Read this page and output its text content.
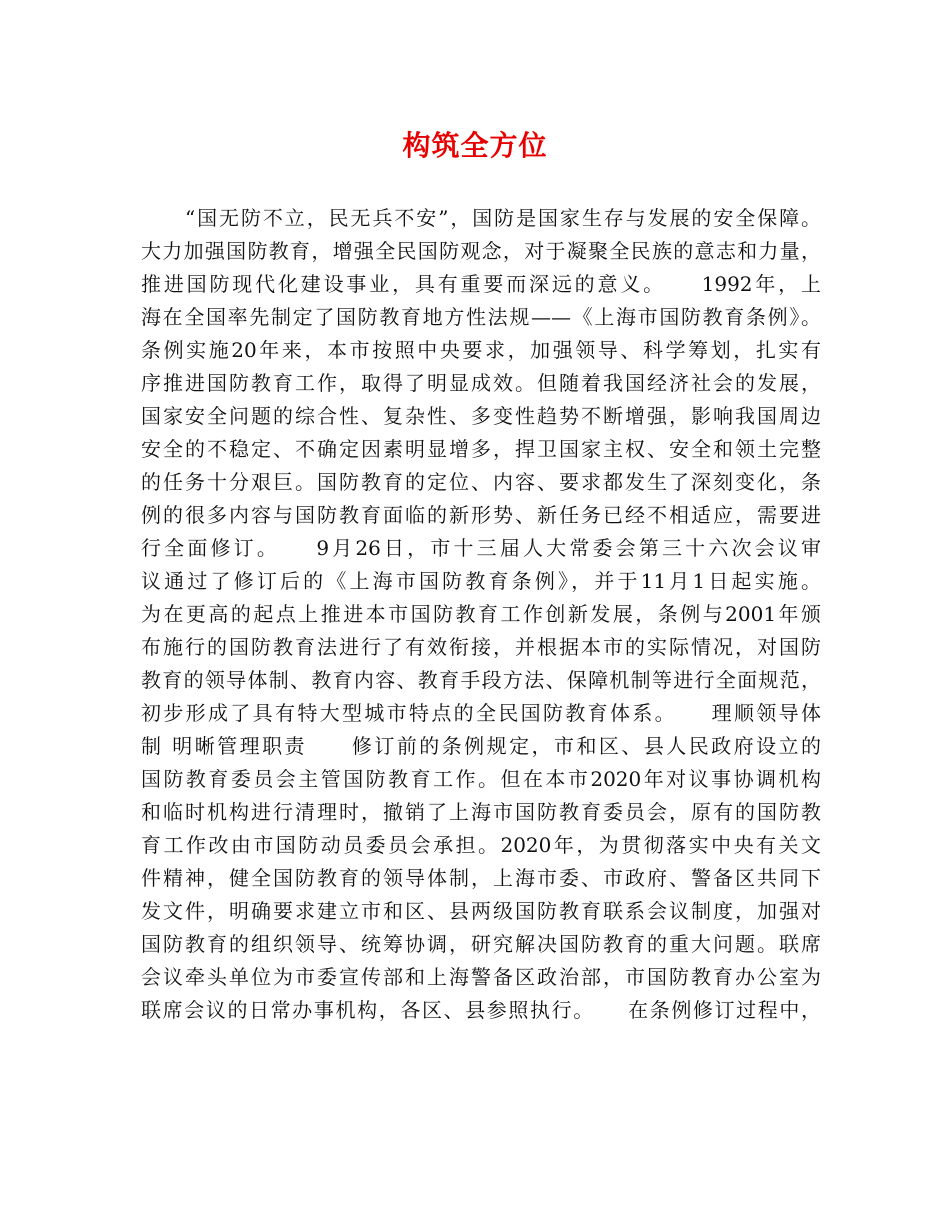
构筑全方位
“国无防不立，民无兵不安”，国防是国家生存与发展的安全保障。
大力加强国防教育，增强全民国防观念，对于凝聚全民族的意志和力量，
推进国防现代化建设事业，具有重要而深远的意义。　　1992年，上
海在全国率先制定了国防教育地方性法规——《上海市国防教育条例》。
条例实施20年来，本市按照中央要求，加强领导、科学筹划，扎实有
序推进国防教育工作，取得了明显成效。但随着我国经济社会的发展，
国家安全问题的综合性、复杂性、多变性趋势不断增强，影响我国周边
安全的不稳定、不确定因素明显增多，捍卫国家主权、安全和领土完整
的任务十分艰巨。国防教育的定位、内容、要求都发生了深刻变化，条
例的很多内容与国防教育面临的新形势、新任务已经不相适应，需要进
行全面修订。　　9月26日，市十三届人大常委会第三十六次会议审
议通过了修订后的《上海市国防教育条例》，并于11月1日起实施。
为在更高的起点上推进本市国防教育工作创新发展，条例与2001年颁
布施行的国防教育法进行了有效衔接，并根据本市的实际情况，对国防
教育的领导体制、教育内容、教育手段方法、保障机制等进行全面规范，
初步形成了具有特大型城市特点的全民国防教育体系。　　理顺领导体
制 明晰管理职责　　修订前的条例规定，市和区、县人民政府设立的
国防教育委员会主管国防教育工作。但在本市2020年对议事协调机构
和临时机构进行清理时，撤销了上海市国防教育委员会，原有的国防教
育工作改由市国防动员委员会承担。2020年，为贯彻落实中央有关文
件精神，健全国防教育的领导体制，上海市委、市政府、警备区共同下
发文件，明确要求建立市和区、县两级国防教育联系会议制度，加强对
国防教育的组织领导、统筹协调，研究解决国防教育的重大问题。联席
会议牵头单位为市委宣传部和上海警备区政治部，市国防教育办公室为
联席会议的日常办事机构，各区、县参照执行。　　在条例修订过程中，
